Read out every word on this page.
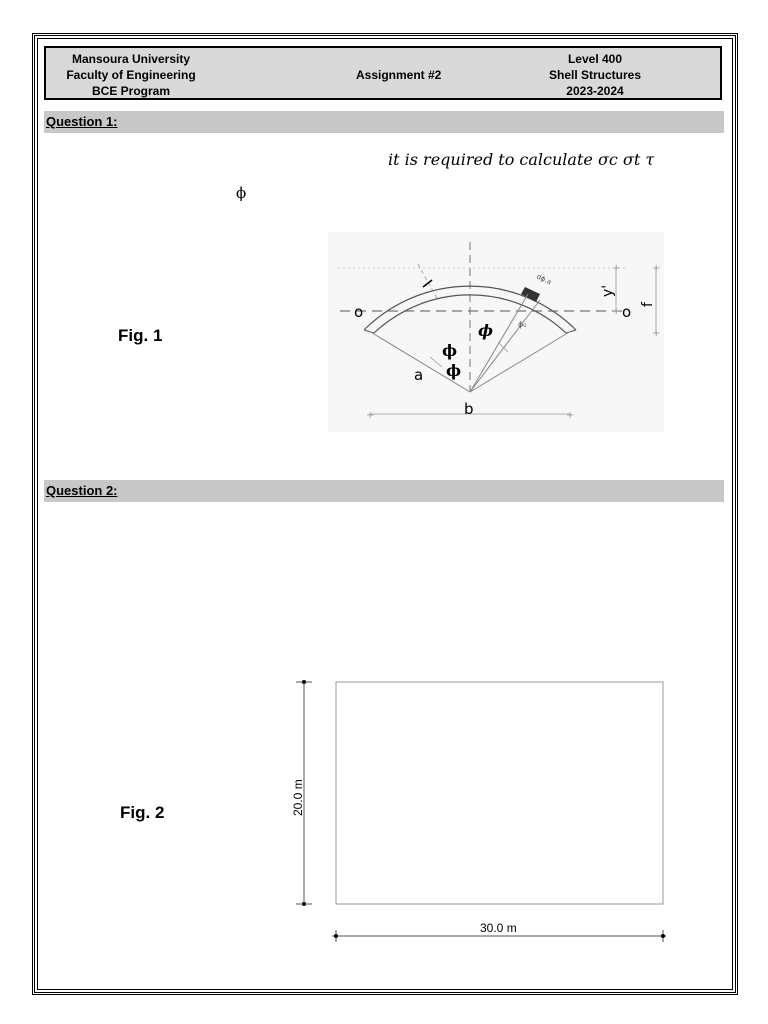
Mansoura University
Faculty of Engineering
BCE Program
Assignment #2
Level 400
Shell Structures
2023-2024
Question 1:
it is required to calculate σc σt τ
ϕ
Fig. 1
+
+
+
+
+	+
o	o
a
b
ϕ
ϕ
ϕ
dϕ.a
ϕ₀
y'
f
Question 2:
Fig. 2
30.0 m
20.0 m
